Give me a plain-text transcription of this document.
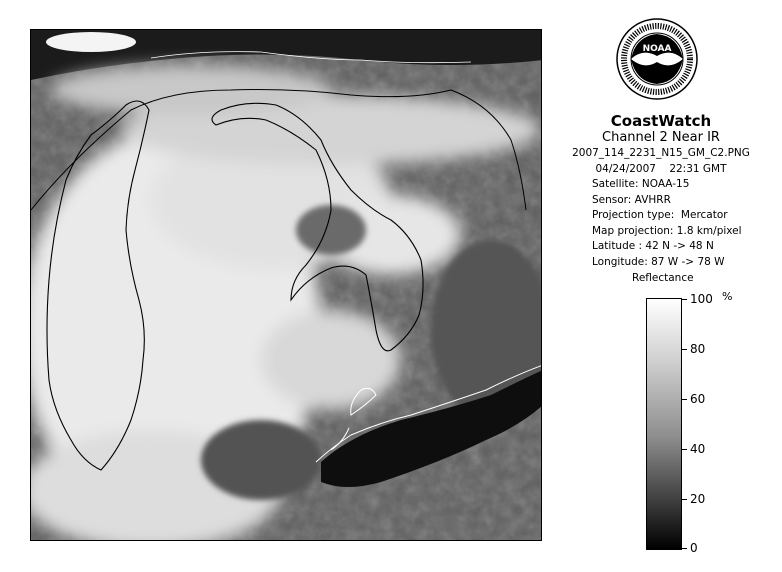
NOAA
CoastWatch
Channel 2 Near IR
2007_114_2231_N15_GM_C2.PNG
04/24/2007    22:31 GMT
Satellite: NOAA-15
Sensor: AVHRR
Projection type:  Mercator
Map projection: 1.8 km/pixel
Latitude : 42 N -> 48 N
Longitude: 87 W -> 78 W
Reflectance
%
100
80
60
40
20
0
